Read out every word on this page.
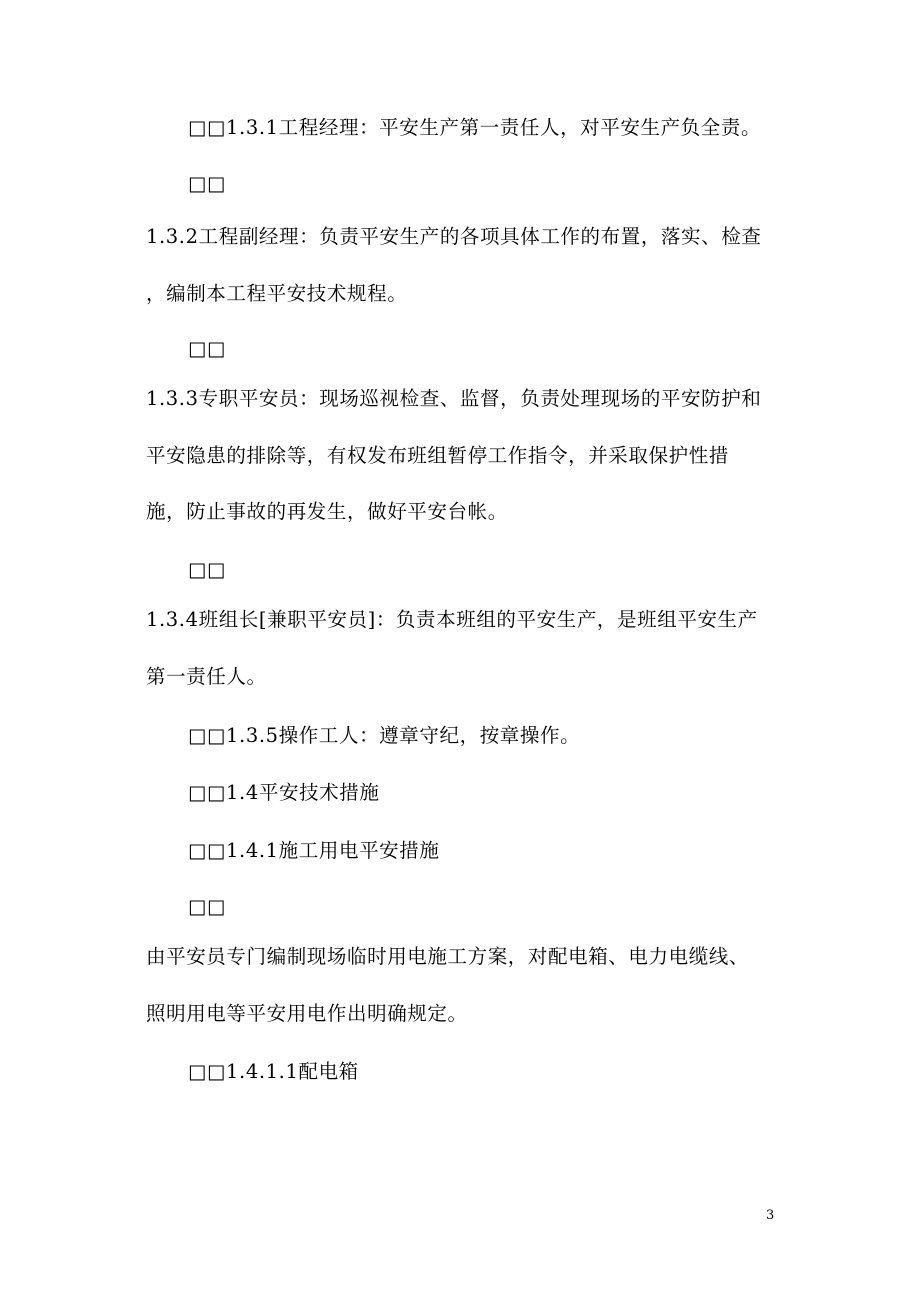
□□1.3.1工程经理：平安生产第一责任人，对平安生产负全责。
□□
1.3.2工程副经理：负责平安生产的各项具体工作的布置，落实、检查
，编制本工程平安技术规程。
□□
1.3.3专职平安员：现场巡视检查、监督，负责处理现场的平安防护和
平安隐患的排除等，有权发布班组暂停工作指令，并采取保护性措
施，防止事故的再发生，做好平安台帐。
□□
1.3.4班组长[兼职平安员]：负责本班组的平安生产，是班组平安生产
第一责任人。
□□1.3.5操作工人：遵章守纪，按章操作。
□□1.4平安技术措施
□□1.4.1施工用电平安措施
□□
由平安员专门编制现场临时用电施工方案，对配电箱、电力电缆线、
照明用电等平安用电作出明确规定。
□□1.4.1.1配电箱
3
